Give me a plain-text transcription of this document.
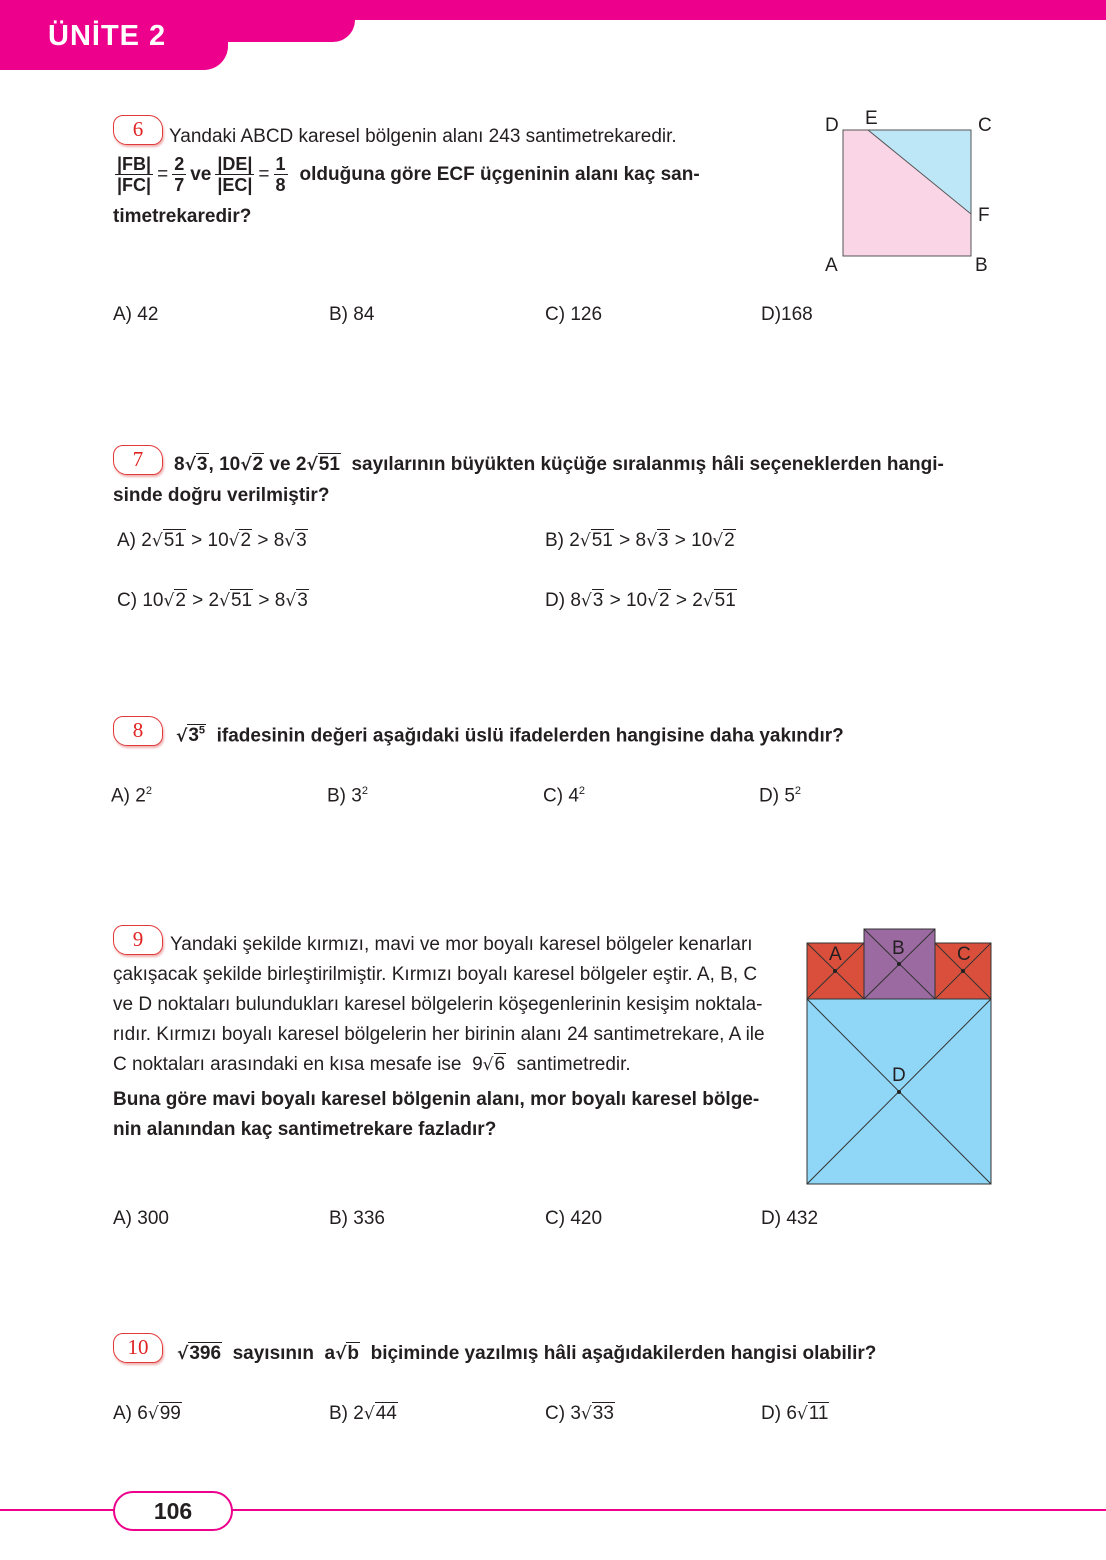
ÜNİTE 2
6	Yandaki ABCD karesel bölgenin alanı 243 santimetrekaredir.
$\frac{|FB|}{|FC|} = \frac{2}{7}$ ve $\frac{|DE|}{|EC|} = \frac{1}{8}$ olduğuna göre ECF üçgeninin alanı kaç san-
timetrekaredir?
D E	C
F
A	B
A) 42	B) 84	C) 126	D)168
7	8√3, 10√2 ve 2√51 sayılarının büyükten küçüğe sıralanmış hâli seçeneklerden hangi-
sinde doğru verilmiştir?
A) 2√51 > 10√2 > 8√3	B) 2√51 > 8√3 > 10√2
C) 10√2 > 2√51 > 8√3	D) 8√3 > 10√2 > 2√51
8	$√3^5$ ifadesinin değeri aşağıdaki üslü ifadelerden hangisine daha yakındır?
A) $2^2$	B) $3^2$	C) $4^2$	D) $5^2$
9	Yandaki şekilde kırmızı, mavi ve mor boyalı karesel bölgeler kenarları
çakışacak şekilde birleştirilmiştir. Kırmızı boyalı karesel bölgeler eştir. A, B, C
ve D noktaları bulundukları karesel bölgelerin köşegenlerinin kesişim noktala-
rıdır. Kırmızı boyalı karesel bölgelerin her birinin alanı 24 santimetrekare, A ile
C noktaları arasındaki en kısa mesafe ise 9√6 santimetredir.
Buna göre mavi boyalı karesel bölgenin alanı, mor boyalı karesel bölge-
nin alanından kaç santimetrekare fazladır?
A	B	C
D
A) 300	B) 336	C) 420	D) 432
10	√396 sayısının a√b biçiminde yazılmış hâli aşağıdakilerden hangisi olabilir?
A) 6√99	B) 2√44	C) 3√33	D) 6√11
106
